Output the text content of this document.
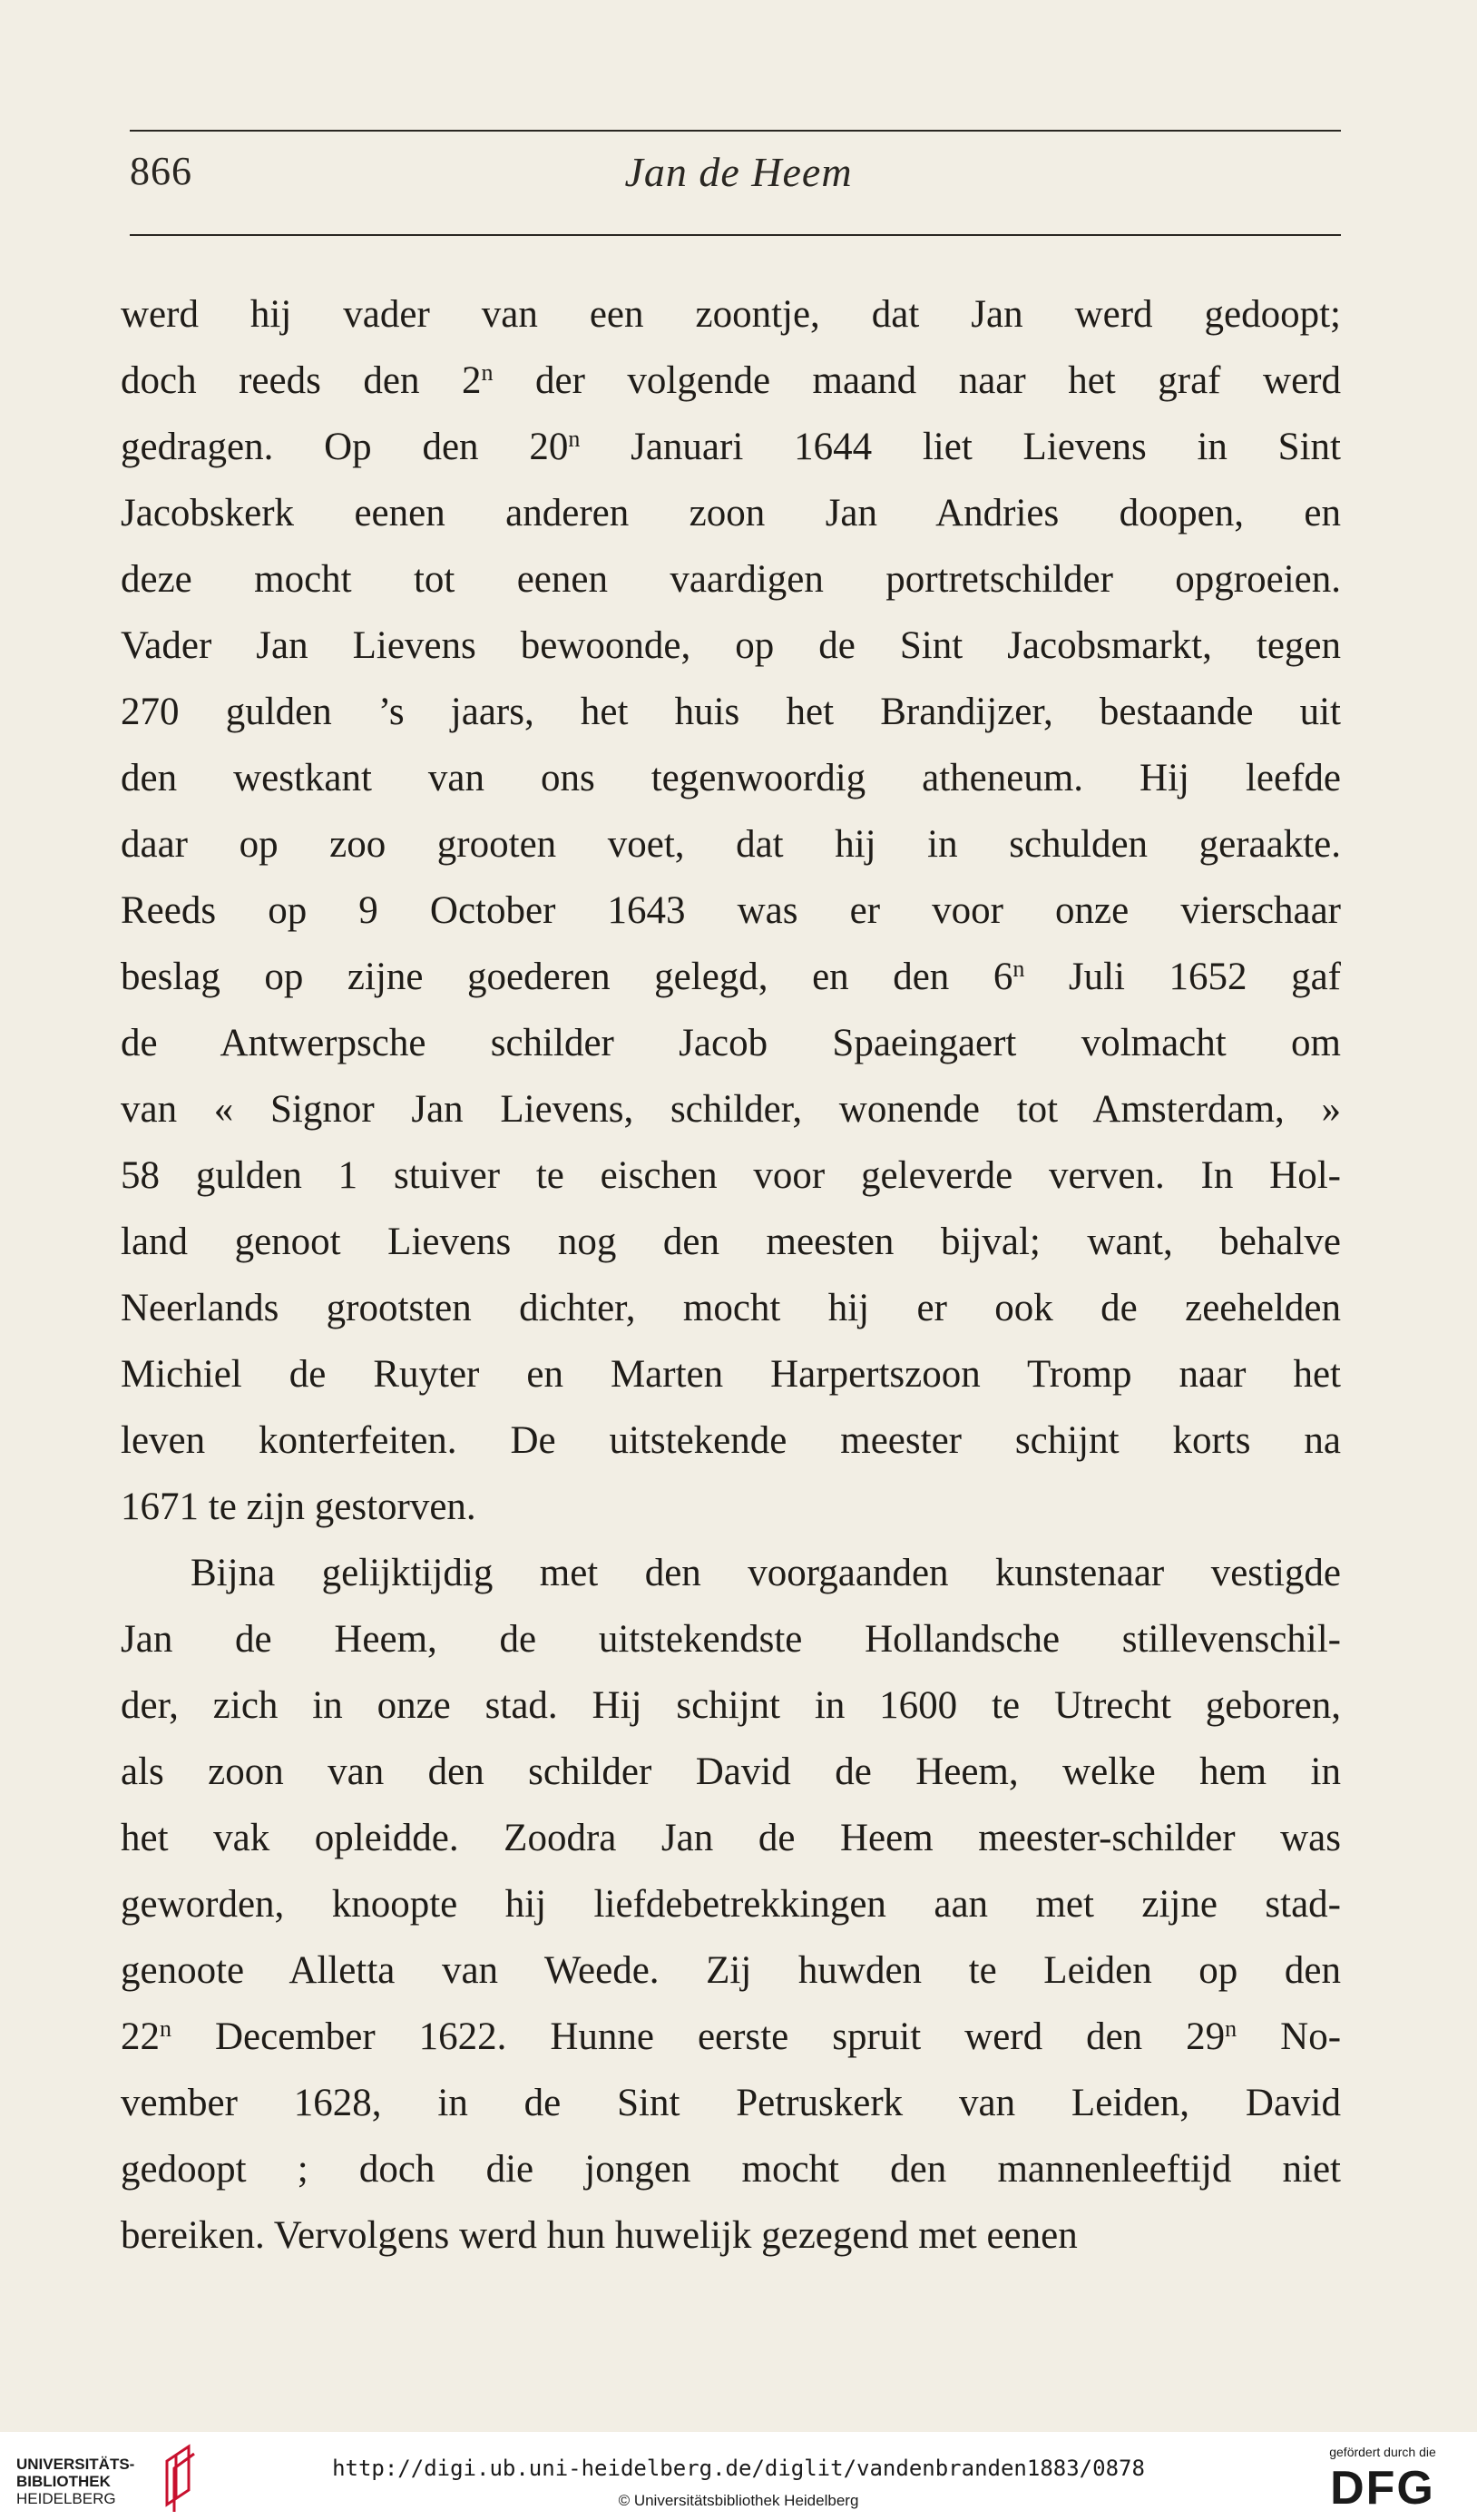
866	Jan de Heem
werd hij vader van een zoontje, dat Jan werd gedoopt;
doch reeds den 2$^n$ der volgende maand naar het graf werd
gedragen. Op den 20$^n$ Januari 1644 liet Lievens in Sint
Jacobskerk eenen anderen zoon Jan Andries doopen, en
deze mocht tot eenen vaardigen portretschilder opgroeien.
Vader Jan Lievens bewoonde, op de Sint Jacobsmarkt, tegen
270 gulden ’s jaars, het huis het Brandijzer, bestaande uit
den westkant van ons tegenwoordig atheneum. Hij leefde
daar op zoo grooten voet, dat hij in schulden geraakte.
Reeds op 9 October 1643 was er voor onze vierschaar
beslag op zijne goederen gelegd, en den 6$^n$ Juli 1652 gaf
de Antwerpsche schilder Jacob Spaeingaert volmacht om
van « Signor Jan Lievens, schilder, wonende tot Amsterdam, »
58 gulden 1 stuiver te eischen voor geleverde verven. In Hol-
land genoot Lievens nog den meesten bijval; want, behalve
Neerlands grootsten dichter, mocht hij er ook de zeehelden
Michiel de Ruyter en Marten Harpertszoon Tromp naar het
leven konterfeiten. De uitstekende meester schijnt korts na
1671 te zijn gestorven.
Bijna gelijktijdig met den voorgaanden kunstenaar vestigde
Jan de Heem, de uitstekendste Hollandsche stillevenschil-
der, zich in onze stad. Hij schijnt in 1600 te Utrecht geboren,
als zoon van den schilder David de Heem, welke hem in
het vak opleidde. Zoodra Jan de Heem meester-schilder was
geworden, knoopte hij liefdebetrekkingen aan met zijne stad-
genoote Alletta van Weede. Zij huwden te Leiden op den
22$^n$ December 1622. Hunne eerste spruit werd den 29$^n$ No-
vember 1628, in de Sint Petruskerk van Leiden, David
gedoopt ; doch die jongen mocht den mannenleeftijd niet
bereiken. Vervolgens werd hun huwelijk gezegend met eenen
UNIVERSITÄTS-
BIBLIOTHEK
HEIDELBERG
http://digi.ub.uni-heidelberg.de/diglit/vandenbranden1883/0878
© Universitätsbibliothek Heidelberg
gefördert durch die
DFG
